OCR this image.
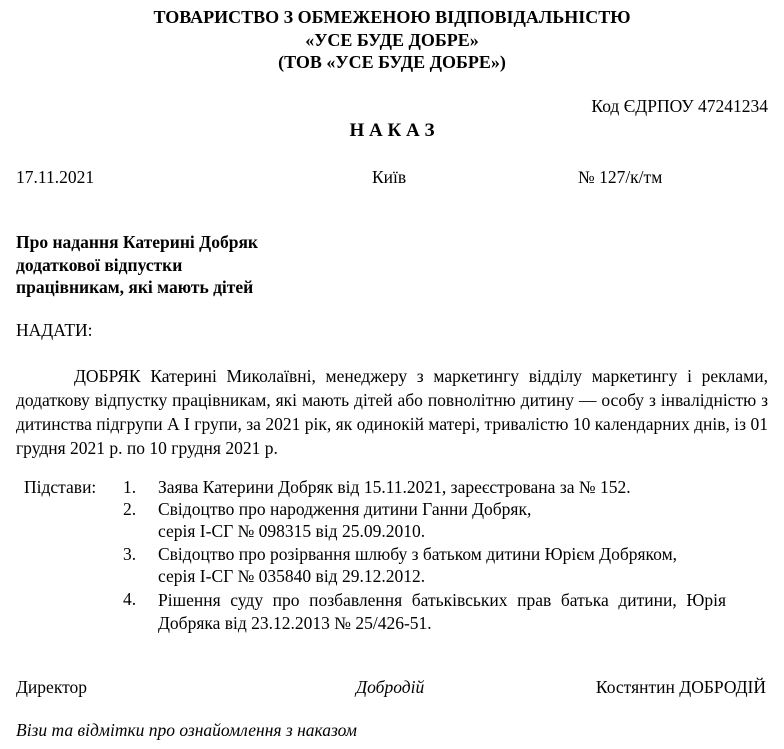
ТОВАРИСТВО З ОБМЕЖЕНОЮ ВІДПОВІДАЛЬНІСТЮ
«УСЕ БУДЕ ДОБРЕ»
(ТОВ «УСЕ БУДЕ ДОБРЕ»)
Код ЄДРПОУ 47241234
Н А К А З
17.11.2021	Київ	№ 127/к/тм
Про надання Катерині Добряк
додаткової відпустки
працівникам, які мають дітей
НАДАТИ:
ДОБРЯК Катерині Миколаївні, менеджеру з маркетингу відділу маркетингу і реклами, додаткову відпустку працівникам, які мають дітей або повнолітню дитину — особу з інвалідністю з дитинства підгрупи А І групи, за 2021 рік, як одинокій матері, тривалістю 10 календарних днів, із 01 грудня 2021 р. по 10 грудня 2021 р.
Підстави: 1. Заява Катерини Добряк від 15.11.2021, зареєстрована за № 152.
2. Свідоцтво про народження дитини Ганни Добряк,
серія І-СГ № 098315 від 25.09.2010.
3. Свідоцтво про розірвання шлюбу з батьком дитини Юрієм Добряком,
серія І-СГ № 035840 від 29.12.2012.
4. Рішення суду про позбавлення батьківських прав батька дитини, Юрія Добряка від 23.12.2013 № 25/426-51.
Директор	Добродій	Костянтин ДОБРОДІЙ
Візи та відмітки про ознайомлення з наказом
